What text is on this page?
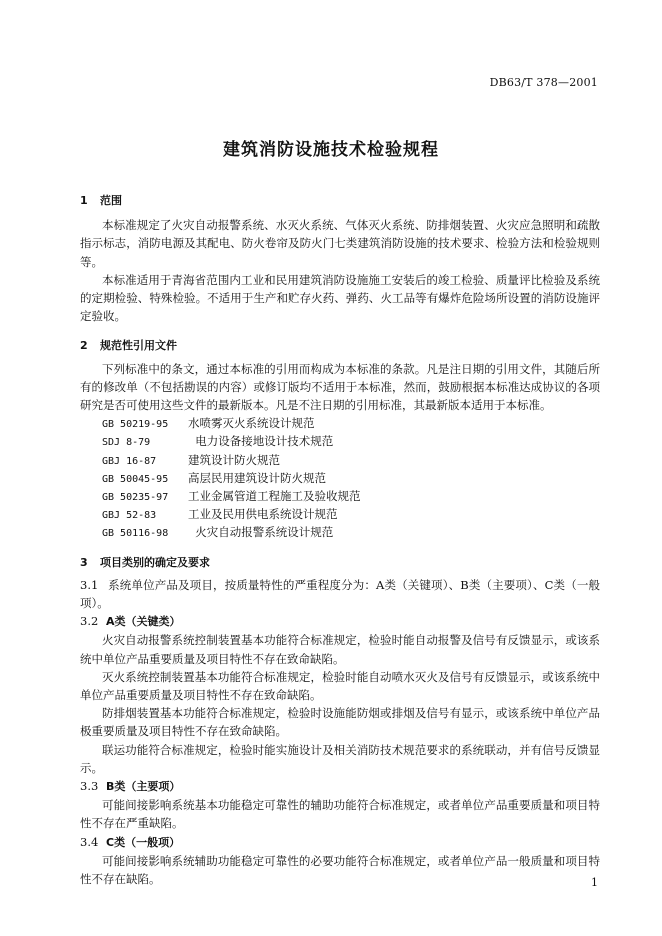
DB63/T 378—2001
建筑消防设施技术检验规程

1 范围

本标准规定了火灾自动报警系统、水灭火系统、气体灭火系统、防排烟装置、火灾应急照明和疏散指示标志，消防电源及其配电、防火卷帘及防火门七类建筑消防设施的技术要求、检验方法和检验规则等。

本标准适用于青海省范围内工业和民用建筑消防设施施工安装后的竣工检验、质量评比检验及系统的定期检验、特殊检验。不适用于生产和贮存火药、弹药、火工品等有爆炸危险场所设置的消防设施评定验收。

2 规范性引用文件

下列标准中的条文，通过本标准的引用而构成为本标准的条款。凡是注日期的引用文件，其随后所有的修改单（不包括勘误的内容）或修订版均不适用于本标准，然而，鼓励根据本标准达成协议的各项研究是否可使用这些文件的最新版本。凡是不注日期的引用标准，其最新版本适用于本标准。

GB 50219-95 水喷雾灭火系统设计规范
SDJ 8-79	电力设备接地设计技术规范
GBJ 16-87	建筑设计防火规范
GB 50045-95 高层民用建筑设计防火规范
GB 50235-97 工业金属管道工程施工及验收规范
GBJ 52-83	工业及民用供电系统设计规范
GB 50116-98  火灾自动报警系统设计规范

3 项目类别的确定及要求

3.1 系统单位产品及项目，按质量特性的严重程度分为：A类（关键项）、B类（主要项）、C类（一般项）。

3.2 A类（关键类）

火灾自动报警系统控制装置基本功能符合标准规定，检验时能自动报警及信号有反馈显示，或该系统中单位产品重要质量及项目特性不存在致命缺陷。

灭火系统控制装置基本功能符合标准规定，检验时能自动喷水灭火及信号有反馈显示，或该系统中单位产品重要质量及项目特性不存在致命缺陷。

防排烟装置基本功能符合标准规定，检验时设施能防烟或排烟及信号有显示，或该系统中单位产品极重要质量及项目特性不存在致命缺陷。

联运功能符合标准规定，检验时能实施设计及相关消防技术规范要求的系统联动，并有信号反馈显示。

3.3 B类（主要项）

可能间接影响系统基本功能稳定可靠性的辅助功能符合标准规定，或者单位产品重要质量和项目特性不存在严重缺陷。

3.4 C类（一般项）

可能间接影响系统辅助功能稳定可靠性的必要功能符合标准规定，或者单位产品一般质量和项目特性不存在缺陷。	1
